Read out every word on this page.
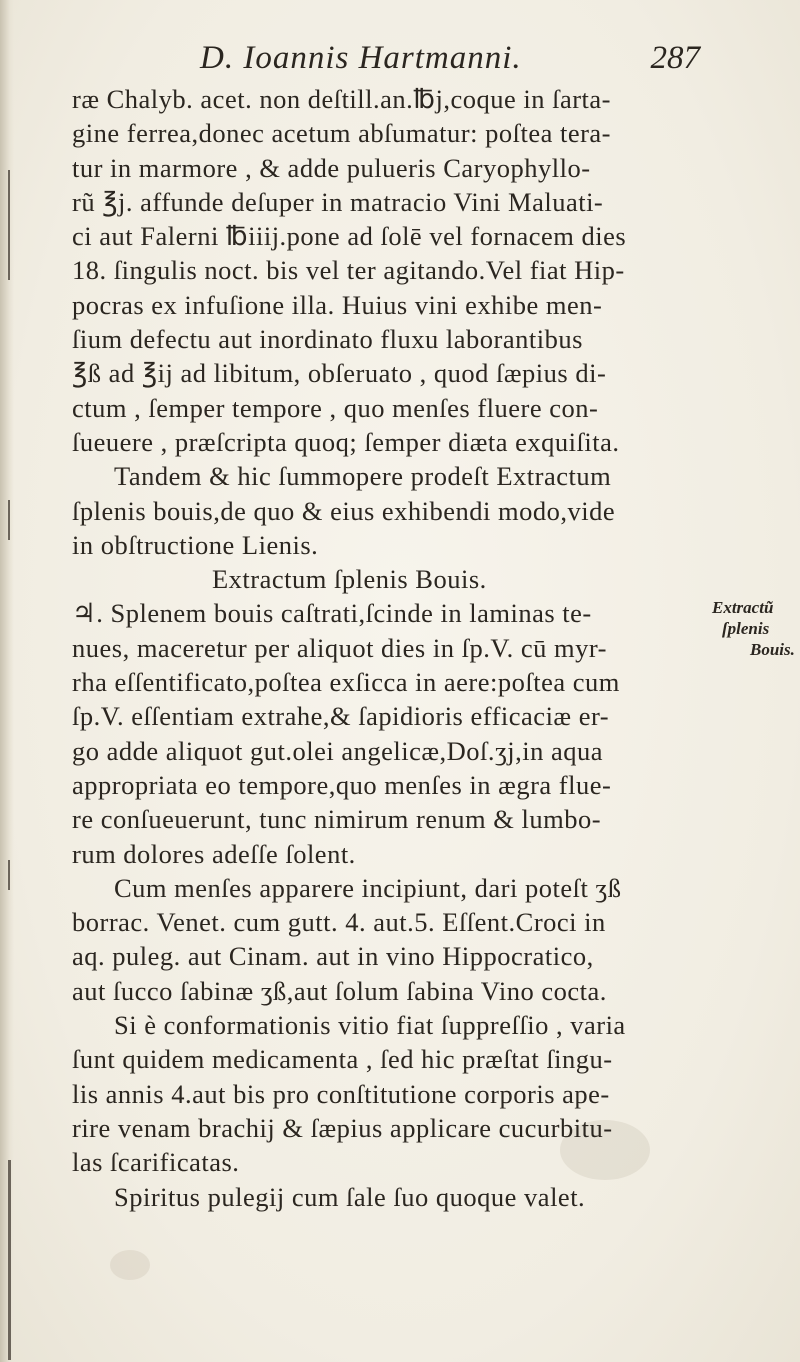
D. Ioannis Hartmanni.	287
ræ Chalyb. acet. non deſtill.an.℔j,coque in ſarta-
gine ferrea,donec acetum abſumatur: poſtea tera-
tur in marmore , & adde pulueris Caryophyllo-
rũ ℥j. affunde deſuper in matracio Vini Maluati-
ci aut Falerni ℔iiij.pone ad ſolē vel fornacem dies
18. ſingulis noct. bis vel ter agitando.Vel fiat Hip-
pocras ex infuſione illa. Huius vini exhibe men-
ſium defectu aut inordinato fluxu laborantibus
℥ß ad ℥ij ad libitum, obſeruato , quod ſæpius di-
ctum , ſemper tempore , quo menſes fluere con-
ſueuere , præſcripta quoq; ſemper diæta exquiſita.
Tandem & hic ſummopere prodeſt Extractum
ſplenis bouis,de quo & eius exhibendi modo,vide
in obſtructione Lienis.
Extractum ſplenis Bouis.
♃. Splenem bouis caſtrati,ſcinde in laminas te-
nues, maceretur per aliquot dies in ſp.V. cū myr-
rha eſſentificato,poſtea exſicca in aere:poſtea cum
ſp.V. eſſentiam extrahe,& ſapidioris efficaciæ er-
go adde aliquot gut.olei angelicæ,Doſ.ʒj,in aqua
appropriata eo tempore,quo menſes in ægra flue-
re conſueuerunt, tunc nimirum renum & lumbo-
rum dolores adeſſe ſolent.
Cum menſes apparere incipiunt, dari poteſt ʒß
borrac. Venet. cum gutt. 4. aut.5. Eſſent.Croci in
aq. puleg. aut Cinam. aut in vino Hippocratico,
aut ſucco ſabinæ ʒß,aut ſolum ſabina Vino cocta.
Si è conformationis vitio fiat ſuppreſſio , varia
ſunt quidem medicamenta , ſed hic præſtat ſingu-
lis annis 4.aut bis pro conſtitutione corporis ape-
rire venam brachij & ſæpius applicare cucurbitu-
las ſcarificatas.
Spiritus pulegij cum ſale ſuo quoque valet.
Extractũ
ſplenis
Bouis.
